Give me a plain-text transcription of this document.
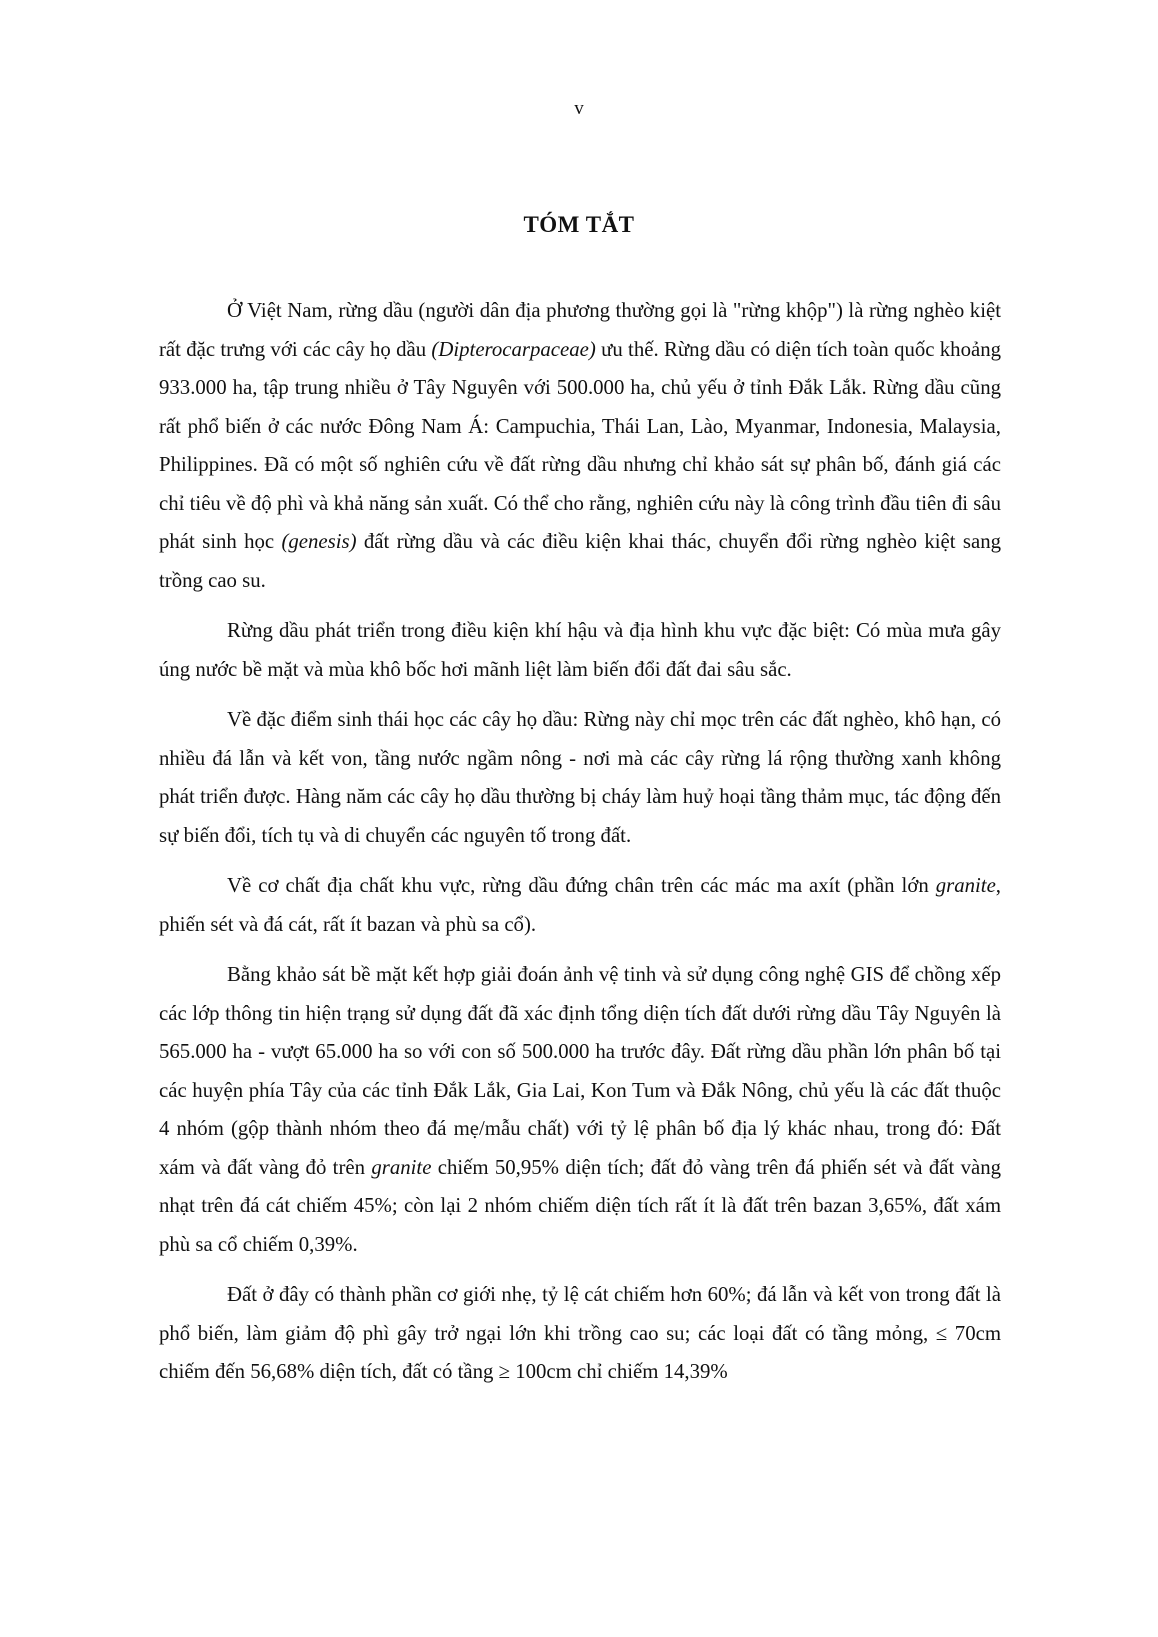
v
TÓM TẮT

Ở Việt Nam, rừng dầu (người dân địa phương thường gọi là "rừng khộp") là rừng nghèo kiệt rất đặc trưng với các cây họ dầu (Dipterocarpaceae) ưu thế. Rừng dầu có diện tích toàn quốc khoảng 933.000 ha, tập trung nhiều ở Tây Nguyên với 500.000 ha, chủ yếu ở tỉnh Đắk Lắk. Rừng dầu cũng rất phổ biến ở các nước Đông Nam Á: Campuchia, Thái Lan, Lào, Myanmar, Indonesia, Malaysia, Philippines. Đã có một số nghiên cứu về đất rừng dầu nhưng chỉ khảo sát sự phân bố, đánh giá các chỉ tiêu về độ phì và khả năng sản xuất. Có thể cho rằng, nghiên cứu này là công trình đầu tiên đi sâu phát sinh học (genesis) đất rừng dầu và các điều kiện khai thác, chuyển đổi rừng nghèo kiệt sang trồng cao su.

Rừng dầu phát triển trong điều kiện khí hậu và địa hình khu vực đặc biệt: Có mùa mưa gây úng nước bề mặt và mùa khô bốc hơi mãnh liệt làm biến đổi đất đai sâu sắc.

Về đặc điểm sinh thái học các cây họ dầu: Rừng này chỉ mọc trên các đất nghèo, khô hạn, có nhiều đá lẫn và kết von, tầng nước ngầm nông - nơi mà các cây rừng lá rộng thường xanh không phát triển được. Hàng năm các cây họ dầu thường bị cháy làm huỷ hoại tầng thảm mục, tác động đến sự biến đổi, tích tụ và di chuyển các nguyên tố trong đất.

Về cơ chất địa chất khu vực, rừng dầu đứng chân trên các mác ma axít (phần lớn granite, phiến sét và đá cát, rất ít bazan và phù sa cổ).

Bằng khảo sát bề mặt kết hợp giải đoán ảnh vệ tinh và sử dụng công nghệ GIS để chồng xếp các lớp thông tin hiện trạng sử dụng đất đã xác định tổng diện tích đất dưới rừng dầu Tây Nguyên là 565.000 ha - vượt 65.000 ha so với con số 500.000 ha trước đây. Đất rừng dầu phần lớn phân bố tại các huyện phía Tây của các tỉnh Đắk Lắk, Gia Lai, Kon Tum và Đắk Nông, chủ yếu là các đất thuộc 4 nhóm (gộp thành nhóm theo đá mẹ/mẫu chất) với tỷ lệ phân bố địa lý khác nhau, trong đó: Đất xám và đất vàng đỏ trên granite chiếm 50,95% diện tích; đất đỏ vàng trên đá phiến sét và đất vàng nhạt trên đá cát chiếm 45%; còn lại 2 nhóm chiếm diện tích rất ít là đất trên bazan 3,65%, đất xám phù sa cổ chiếm 0,39%.

Đất ở đây có thành phần cơ giới nhẹ, tỷ lệ cát chiếm hơn 60%; đá lẫn và kết von trong đất là phổ biến, làm giảm độ phì gây trở ngại lớn khi trồng cao su; các loại đất có tầng mỏng, ≤ 70cm chiếm đến 56,68% diện tích, đất có tầng ≥ 100cm chỉ chiếm 14,39%
